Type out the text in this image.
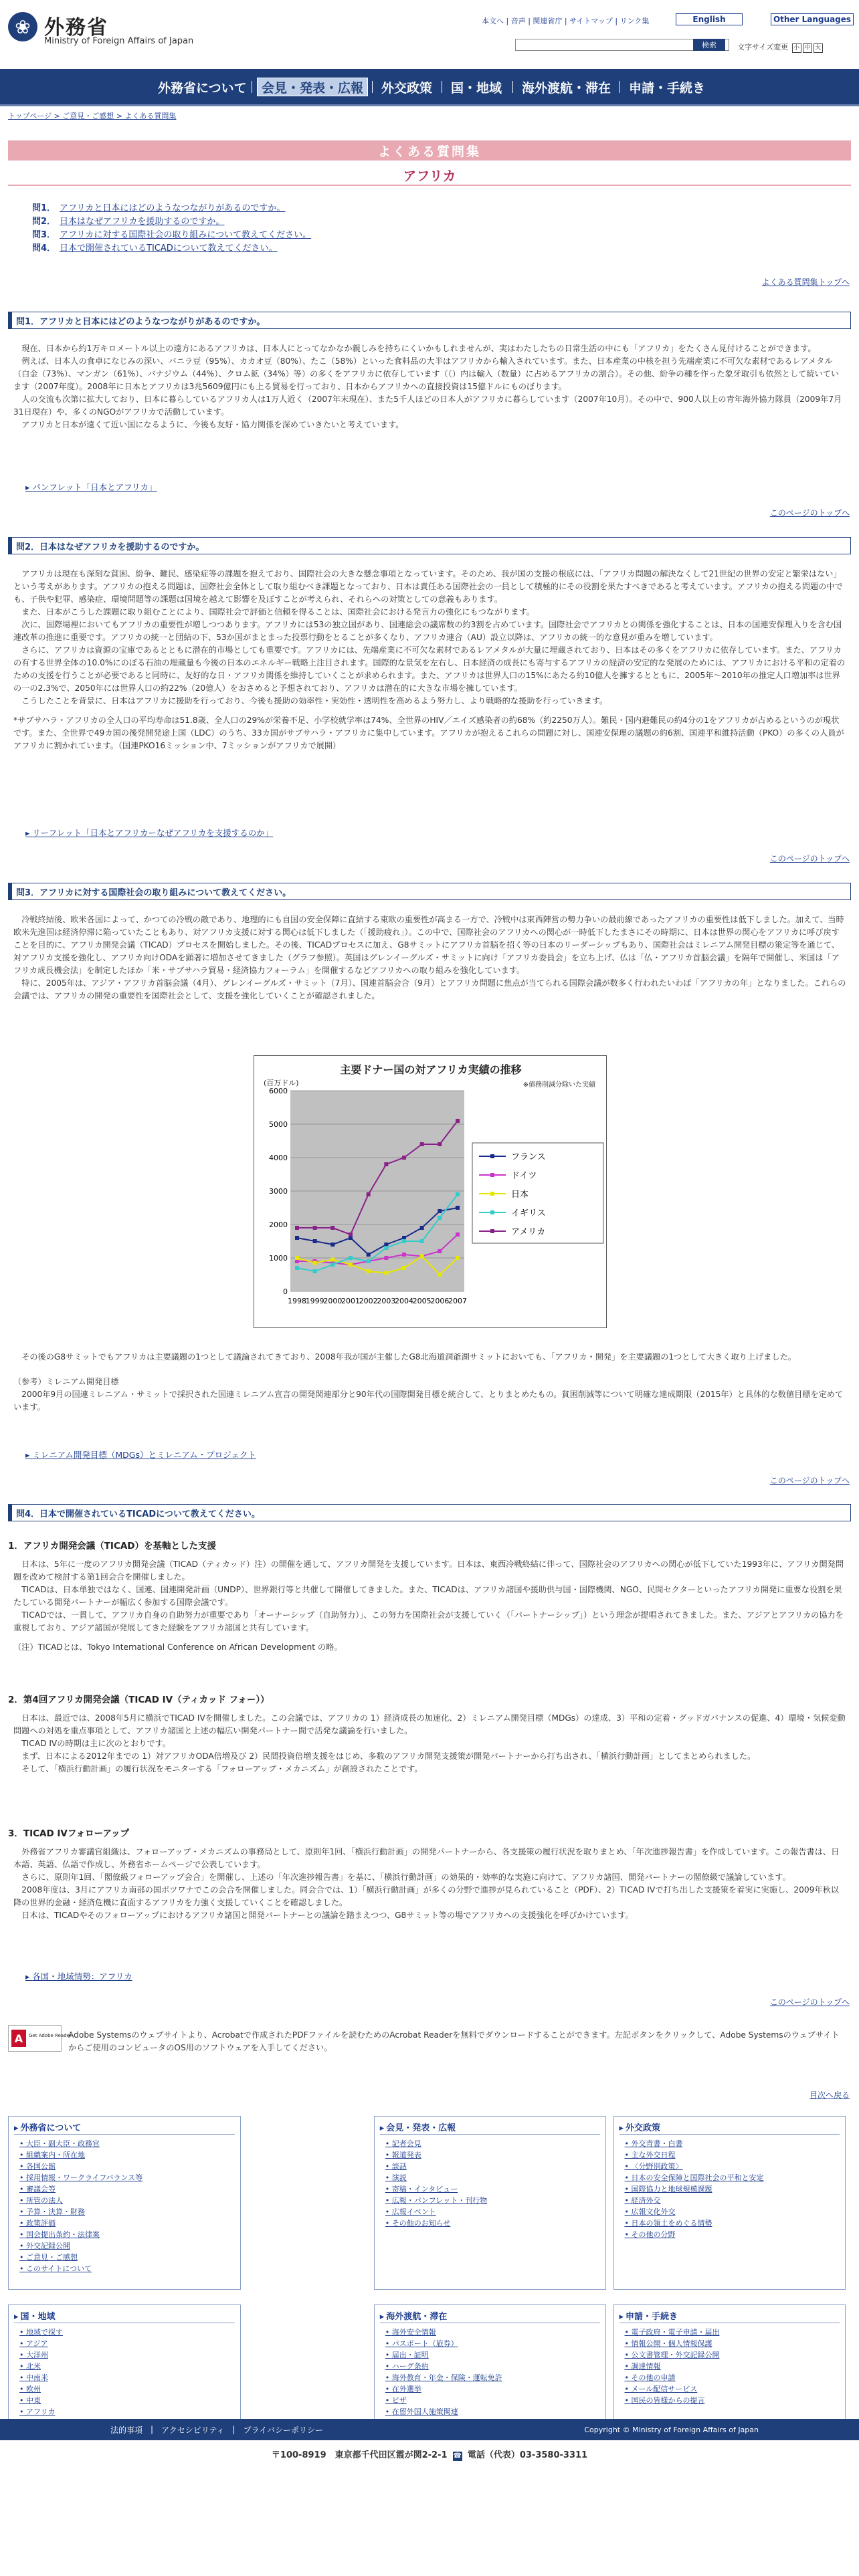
❀ 外務省
Ministry of Foreign Affairs of Japan
本文へ | 音声 | 関連省庁 | サイトマップ | リンク集	English	Other Languages
検索	文字サイズ変更 小 中 大
外務省について	会見・発表・広報	外交政策 国・地域 海外渡航・滞在 申請・手続き
トップページ > ご意見・ご感想 > よくある質問集
よくある質問集
アフリカ
問1． アフリカと日本にはどのようなつながりがあるのですか。
問2． 日本はなぜアフリカを援助するのですか。
問3． アフリカに対する国際社会の取り組みについて教えてください。
問4． 日本で開催されているTICADについて教えてください。
よくある質問集トップへ
問1．アフリカと日本にはどのようなつながりがあるのですか。

現在、日本から約1万キロメートル以上の遠方にあるアフリカは、日本人にとってなかなか親しみを持ちにくいかもしれませんが、実はわたしたちの日常生活の中にも「アフリカ」をたくさん見付けることができます。

例えば、日本人の食卓になじみの深い、バニラ豆（95%）、カカオ豆（80%）、たこ（58%）といった食料品の大半はアフリカから輸入されています。また、日本産業の中核を担う先端産業に不可欠な素材であるレアメタル（白金（73%）、マンガン（61%）、バナジウム（44%）、クロム鉱（34%）等）の多くをアフリカに依存しています（（）内は輸入（数量）に占めるアフリカの割合）。その他、紛争の種を作った象牙取引も依然として続いています（2007年度）。2008年に日本とアフリカは3兆5609億円にも上る貿易を行っており、日本からアフリカへの直接投資は15億ドルにものぼります。

人の交流も次第に拡大しており、日本に暮らしているアフリカ人は1万人近く（2007年末現在）、また5千人ほどの日本人がアフリカに暮らしています（2007年10月）。その中で、900人以上の青年海外協力隊員（2009年7月31日現在）や、多くのNGOがアフリカで活動しています。

アフリカと日本が遠くて近い国になるように、今後も友好・協力関係を深めていきたいと考えています。

▸ パンフレット「日本とアフリカ」
このページのトップへ
問2．日本はなぜアフリカを援助するのですか。

アフリカは現在も深刻な貧困、紛争、難民、感染症等の課題を抱えており、国際社会の大きな懸念事項となっています。そのため、我が国の支援の根底には、「アフリカ問題の解決なくして21世紀の世界の安定と繁栄はない」という考えがあります。アフリカの抱える問題は、国際社会全体として取り組むべき課題となっており、日本は責任ある国際社会の一員として積極的にその役割を果たすべきであると考えています。アフリカの抱える問題の中でも、子供や犯罪、感染症、環境問題等の課題は国境を越えて影響を及ぼすことが考えられ、それらへの対策としての意義もあります。

また、日本がこうした課題に取り組むことにより、国際社会で評価と信頼を得ることは、国際社会における発言力の強化にもつながります。

次に、国際場裡においてもアフリカの重要性が増しつつあります。アフリカには53の独立国があり、国連総会の議席数の約3割を占めています。国際社会でアフリカとの関係を強化することは、日本の国連安保理入りを含む国連改革の推進に重要です。アフリカの統一と団結の下、53か国がまとまった投票行動をとることが多くなり、アフリカ連合（AU）設立以降は、アフリカの統一的な意見が重みを増しています。

さらに、アフリカは資源の宝庫であるとともに潜在的市場としても重要です。アフリカには、先端産業に不可欠な素材であるレアメタルが大量に埋蔵されており、日本はその多くをアフリカに依存しています。また、アフリカの有する世界全体の10.0%にのぼる石油の埋蔵量も今後の日本のエネルギー戦略上注目されます。国際的な景気を左右し、日本経済の成長にも寄与するアフリカの経済の安定的な発展のためには、アフリカにおける平和の定着のための支援を行うことが必要であると同時に、友好的な日・アフリカ関係を維持していくことが求められます。また、アフリカは世界人口の15%にあたる約10億人を擁するとともに、2005年〜2010年の推定人口増加率は世界の一の2.3%で、2050年には世界人口の約22%（20億人）をおさめると予想されており、アフリカは潜在的に大きな市場を擁しています。

こうしたことを背景に、日本はアフリカに援助を行っており、今後も援助の効率性・実効性・透明性を高めるよう努力し、より戦略的な援助を行っていきます。

*サブサハラ・アフリカの全人口の平均寿命は51.8歳、全人口の29%が栄養不足、小学校就学率は74%、全世界のHIV／エイズ感染者の約68%（約2250万人）。難民・国内避難民の約4分の1をアフリカが占めるというのが現状です。また、全世界で49カ国の後発開発途上国（LDC）のうち、33カ国がサブサハラ・アフリカに集中しています。アフリカが抱えるこれらの問題に対し、国連安保理の議題の約6割、国連平和維持活動（PKO）の多くの人員がアフリカに割かれています。（国連PKO16ミッション中、7ミッションがアフリカで展開）

▸ リーフレット「日本とアフリカーなぜアフリカを支援するのか」
このページのトップへ
問3．アフリカに対する国際社会の取り組みについて教えてください。

冷戦終結後、欧米各国によって、かつての冷戦の敵であり、地理的にも自国の安全保障に直結する東欧の重要性が高まる一方で、冷戦中は東西陣営の勢力争いの最前線であったアフリカの重要性は低下しました。加えて、当時欧米先進国は経済停滞に陥っていたこともあり、対アフリカ支援に対する関心は低下しました（「援助疲れ」）。この中で、国際社会のアフリカへの関心が一時低下したまさにその時期に、日本は世界の関心をアフリカに呼び戻すことを目的に、アフリカ開発会議（TICAD）プロセスを開始しました。その後、TICADプロセスに加え、G8サミットにアフリカ首脳を招く等の日本のリーダーシップもあり、国際社会はミレニアム開発目標の策定等を通じて、対アフリカ支援を強化し、アフリカ向けODAを顕著に増加させてきました（グラフ参照）。英国はグレンイーグルズ・サミットに向け「アフリカ委員会」を立ち上げ、仏は「仏・アフリカ首脳会議」を隔年で開催し、米国は「アフリカ成長機会法」を制定したほか「米・サブサハラ貿易・経済協力フォーラム」を開催するなどアフリカへの取り組みを強化しています。

特に、2005年は、アジア・アフリカ首脳会議（4月）、グレンイーグルズ・サミット（7月）、国連首脳会合（9月）とアフリカ問題に焦点が当てられる国際会議が数多く行われたいわば「アフリカの年」となりました。これらの会議では、アフリカの開発の重要性を国際社会として、支援を強化していくことが確認されました。

主要ドナー国の対アフリカ実績の推移
※債務削減分除いた実績
(百万ドル)
0
1000
2000
3000
4000
5000
6000
1998
1999
2000
2001
2002
2003
2004
2005
2006
2007
フランス
ドイツ
日本
イギリス
アメリカ

その後のG8サミットでもアフリカは主要議題の1つとして議論されてきており、2008年我が国が主催したG8北海道洞爺湖サミットにおいても、「アフリカ・開発」を主要議題の1つとして大きく取り上げました。

（参考）ミレニアム開発目標

2000年9月の国連ミレニアム・サミットで採択された国連ミレニアム宣言の開発関連部分と90年代の国際開発目標を統合して、とりまとめたもの。貧困削減等について明確な達成期限（2015年）と具体的な数値目標を定めています。

▸ ミレニアム開発目標（MDGs）とミレニアム・プロジェクト
このページのトップへ
問4．日本で開催されているTICADについて教えてください。
1．アフリカ開発会議（TICAD）を基軸とした支援

日本は、5年に一度のアフリカ開発会議（TICAD（ティカッド）注）の開催を通して、アフリカ開発を支援しています。日本は、東西冷戦終結に伴って、国際社会のアフリカへの関心が低下していた1993年に、アフリカ開発問題を改めて検討する第1回会合を開催しました。

TICADは、日本単独ではなく、国連、国連開発計画（UNDP）、世界銀行等と共催して開催してきました。また、TICADは、アフリカ諸国や援助供与国・国際機関、NGO、民間セクターといったアフリカ開発に重要な役割を果たしている開発パートナーが幅広く参加する国際会議です。

TICADでは、一貫して、アフリカ自身の自助努力が重要であり「オーナーシップ（自助努力）」、この努力を国際社会が支援していく（「パートナーシップ」）という理念が提唱されてきました。また、アジアとアフリカの協力を重視しており、アジア諸国が発展してきた経験をアフリカ諸国と共有しています。

（注）TICADとは、Tokyo International Conference on African Development の略。

2．第4回アフリカ開発会議（TICAD IV（ティカッド フォー））

日本は、最近では、2008年5月に横浜でTICAD IVを開催しました。この会議では、アフリカの 1）経済成長の加速化、2）ミレニアム開発目標（MDGs）の達成、3）平和の定着・グッドガバナンスの促進、4）環境・気候変動問題への対処を重点事項として、アフリカ諸国と上述の幅広い開発パートナー間で活発な議論を行いました。

TICAD IVの時期は主に次のとおりです。

まず、日本による2012年までの 1）対アフリカODA倍増及び 2）民間投資倍増支援をはじめ、多数のアフリカ開発支援策が開発パートナーから打ち出され、「横浜行動計画」としてまとめられました。

そして、「横浜行動計画」の履行状況をモニターする「フォローアップ・メカニズム」が創設されたことです。

3．TICAD IVフォローアップ

外務省アフリカ審議官組織は、フォローアップ・メカニズムの事務局として、原則年1回、「横浜行動計画」の開発パートナーから、各支援策の履行状況を取りまとめ、「年次進捗報告書」を作成しています。この報告書は、日本語、英語、仏語で作成し、外務省ホームページで公表しています。

さらに、原則年1回、「閣僚級フォローアップ会合」を開催し、上述の「年次進捗報告書」を基に、「横浜行動計画」の効果的・効率的な実施に向けて、アフリカ諸国、開発パートナーの閣僚級で議論しています。

2008年度は、3月にアフリカ南部の国ボツワナでこの会合を開催しました。同会合では、1）「横浜行動計画」が多くの分野で進捗が見られていること（PDF）、2）TICAD IVで打ち出した支援策を着実に実施し、2009年秋以降の世界的金融・経済危機に直面するアフリカを力強く支援していくことを確認しました。

日本は、TICADやそのフォローアップにおけるアフリカ諸国と開発パートナーとの議論を踏まえつつ、G8サミット等の場でアフリカへの支援強化を呼びかけています。

▸ 各国・地域情勢：アフリカ
このページのトップへ
A Get Adobe Reader
Adobe Systemsのウェブサイトより、Acrobatで作成されたPDFファイルを読むためのAcrobat Readerを無料でダウンロードすることができます。左記ボタンをクリックして、Adobe Systemsのウェブサイトからご使用のコンピュータのOS用のソフトウェアを入手してください。
目次へ戻る
▸ 外務省について
• 大臣・副大臣・政務官
• 組織案内・所在地
• 各国公館
• 採用情報・ワークライフバランス等
• 審議会等
• 所管の法人
• 予算・決算・財務
• 政策評価
• 国会提出条約・法律案
• 外交記録公開
• ご意見・ご感想
• このサイトについて
▸ 会見・発表・広報
• 記者会見
• 報道発表
• 談話
• 演説
• 寄稿・インタビュー
• 広報・パンフレット・刊行物
• 広報イベント
• その他のお知らせ
▸ 外交政策
• 外交青書・白書
• 主な外交日程
• 〈分野別政策〉
• 日本の安全保障と国際社会の平和と安定
• 国際協力と地球規模課題
• 経済外交
• 広報文化外交
• 日本の領土をめぐる情勢
• その他の分野
▸ 国・地域
• 地域で探す
• アジア
• 大洋州
• 北米
• 中南米
• 欧州
• 中東
• アフリカ
•
▸ 海外渡航・滞在
• 海外安全情報
• パスポート（旅券）
• 届出・証明
• ハーグ条約
• 海外教育・年金・保険・運転免許
• 在外選挙
• ビザ
• 在留外国人施策関連
•
▸ 申請・手続き
• 電子政府・電子申請・届出
• 情報公開・個人情報保護
• 公文書管理・外交記録公開
• 調達情報
• その他の申請
• メール配信サービス
• 国民の皆様からの提言
法的事項 | アクセシビリティ | プライバシーポリシー	Copyright © Ministry of Foreign Affairs of Japan
〒100-8919　東京都千代田区霞が関2-2-1 ☎ 電話（代表）03-3580-3311
